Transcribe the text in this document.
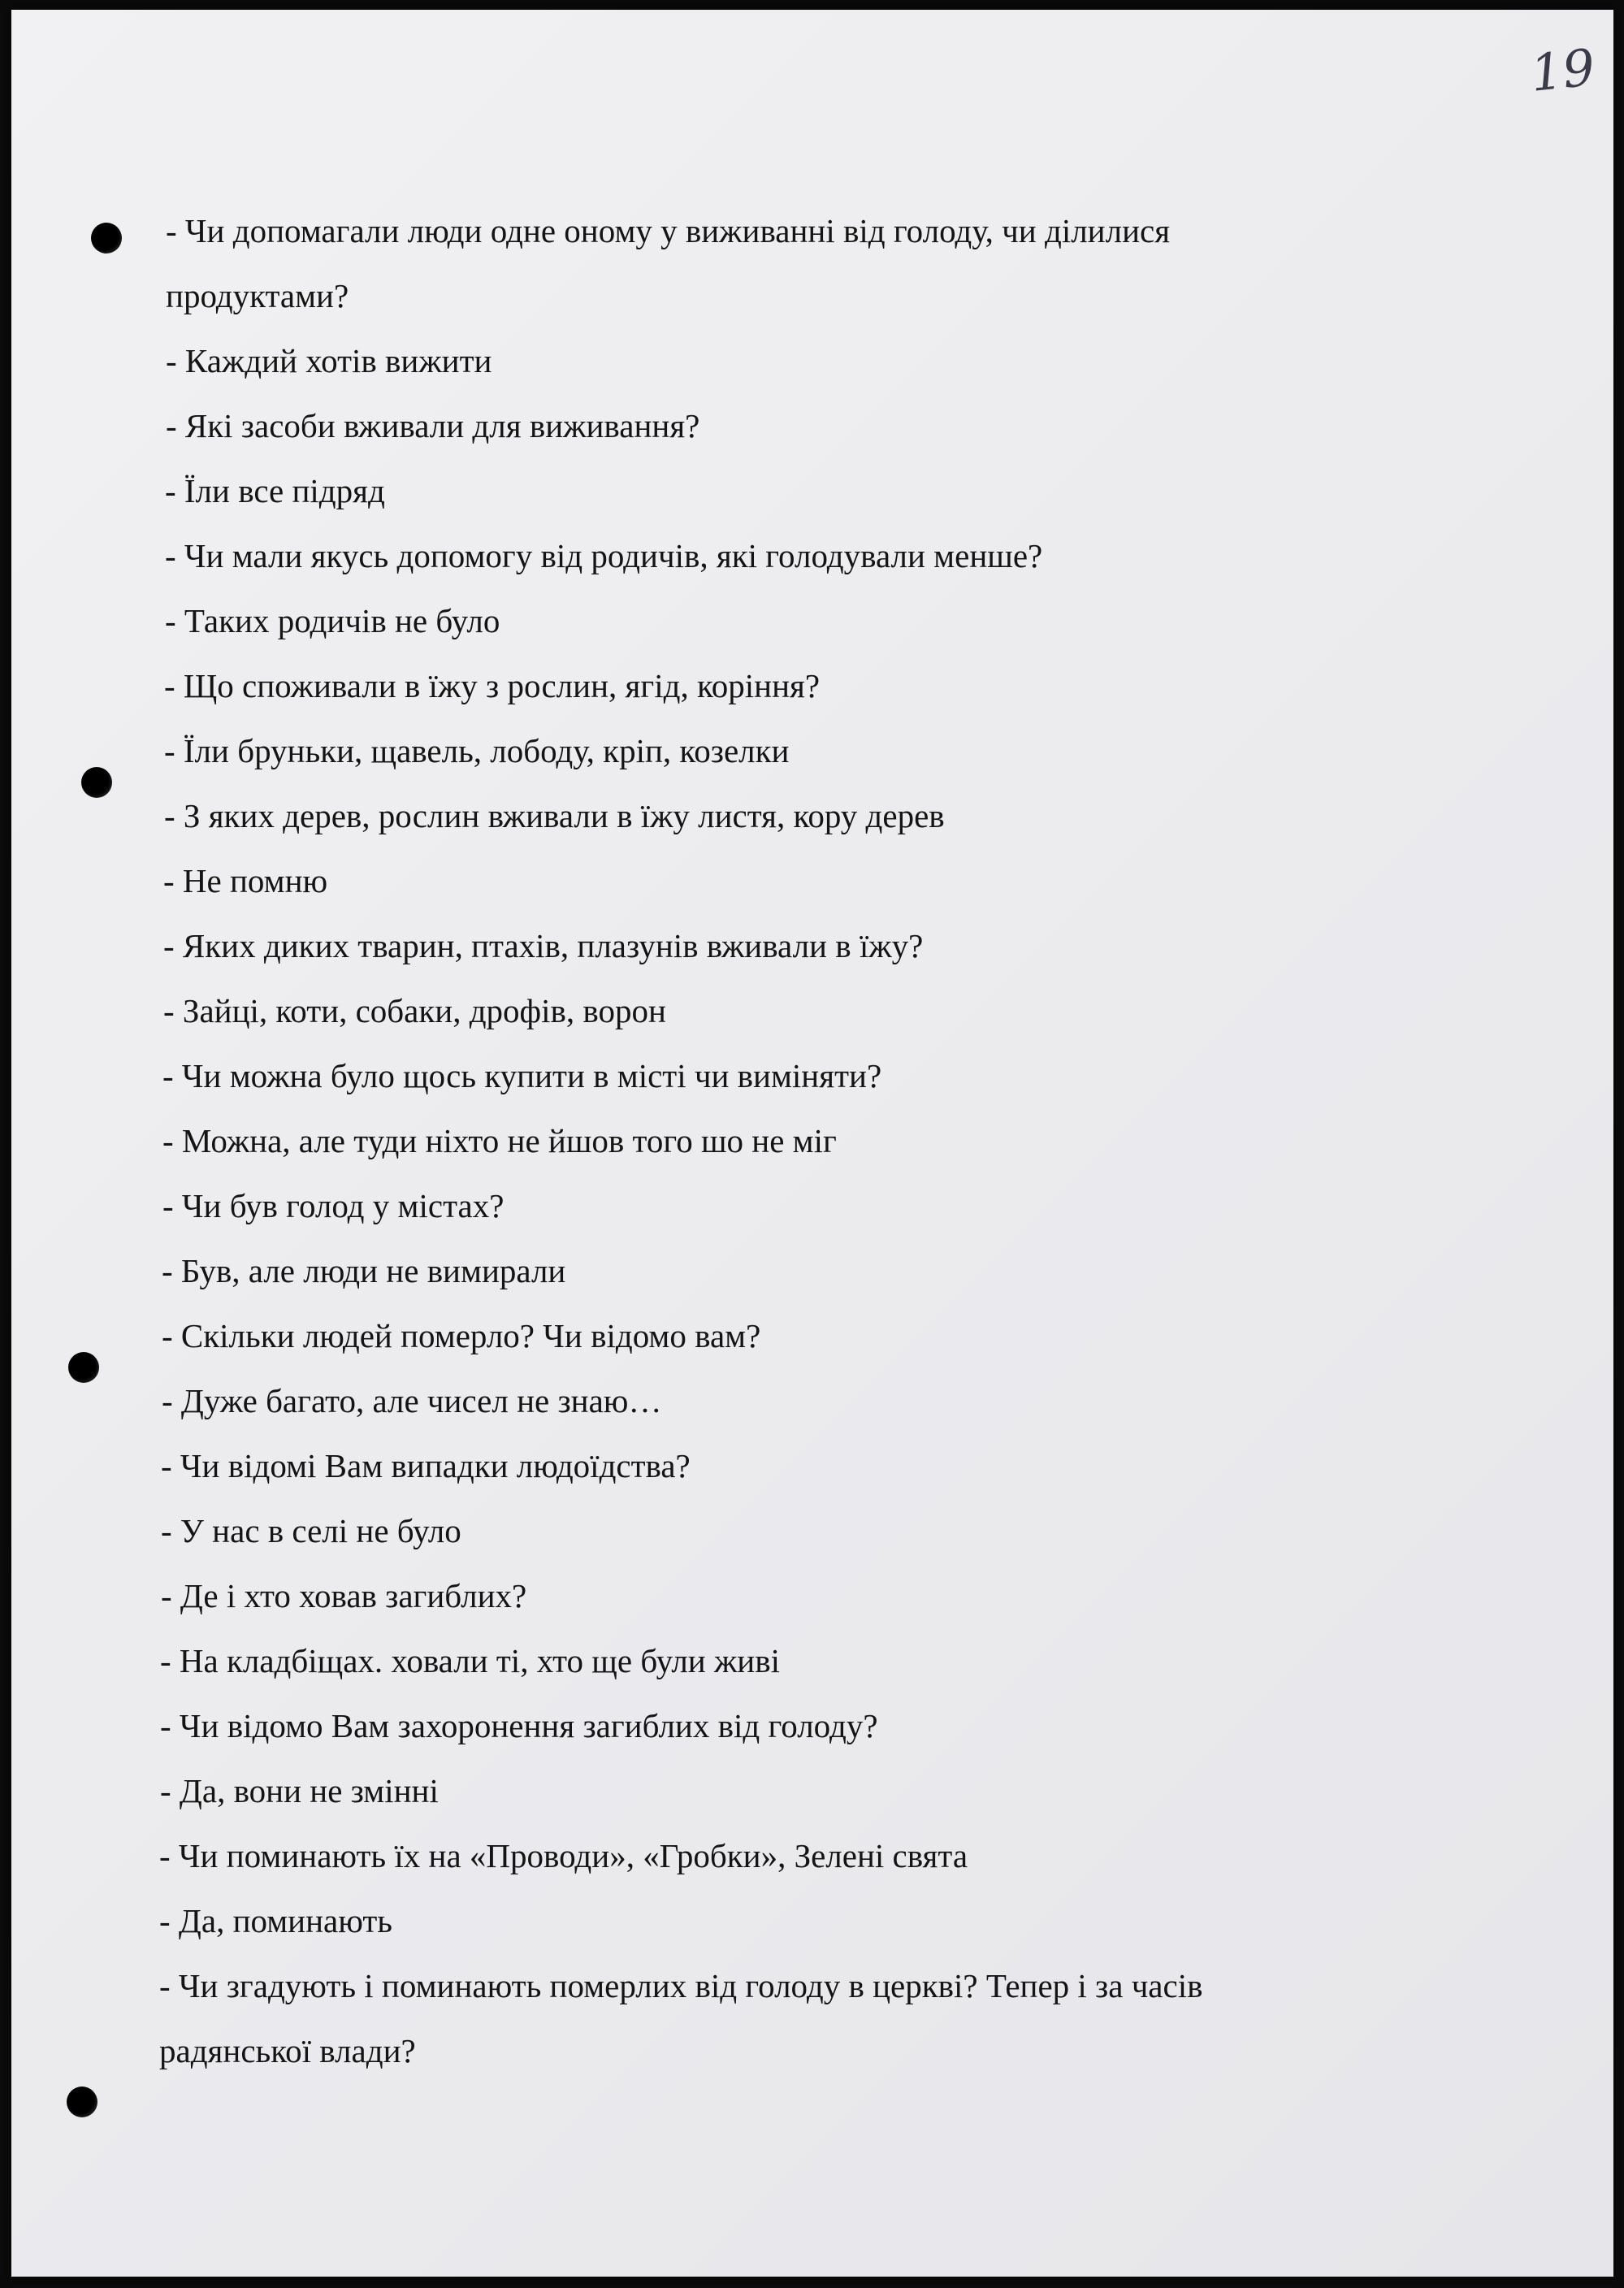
19
- Чи допомагали люди одне оному у виживанні від голоду, чи ділилися
продуктами?
- Каждий хотів вижити
- Які засоби вживали для виживання?
- Їли все підряд
- Чи мали якусь допомогу від родичів, які голодували менше?
- Таких родичів не було
- Що споживали в їжу з рослин, ягід, коріння?
- Їли бруньки, щавель, лободу, кріп, козелки
- З яких дерев, рослин вживали в їжу листя, кору дерев
- Не помню
- Яких диких тварин, птахів, плазунів вживали в їжу?
- Зайці, коти, собаки, дрофів, ворон
- Чи можна було щось купити в місті чи виміняти?
- Можна, але туди ніхто не йшов того шо не міг
- Чи був голод у містах?
- Був, але люди не вимирали
- Скільки людей померло? Чи відомо вам?
- Дуже багато, але чисел не знаю…
- Чи відомі Вам випадки людоїдства?
- У нас в селі не було
- Де і хто ховав загиблих?
- На кладбіщах. ховали ті, хто ще були живі
- Чи відомо Вам захоронення загиблих від голоду?
- Да, вони не змінні
- Чи поминають їх на «Проводи», «Гробки», Зелені свята
- Да, поминають
- Чи згадують і поминають померлих від голоду в церкві? Тепер і за часів
радянської влади?
